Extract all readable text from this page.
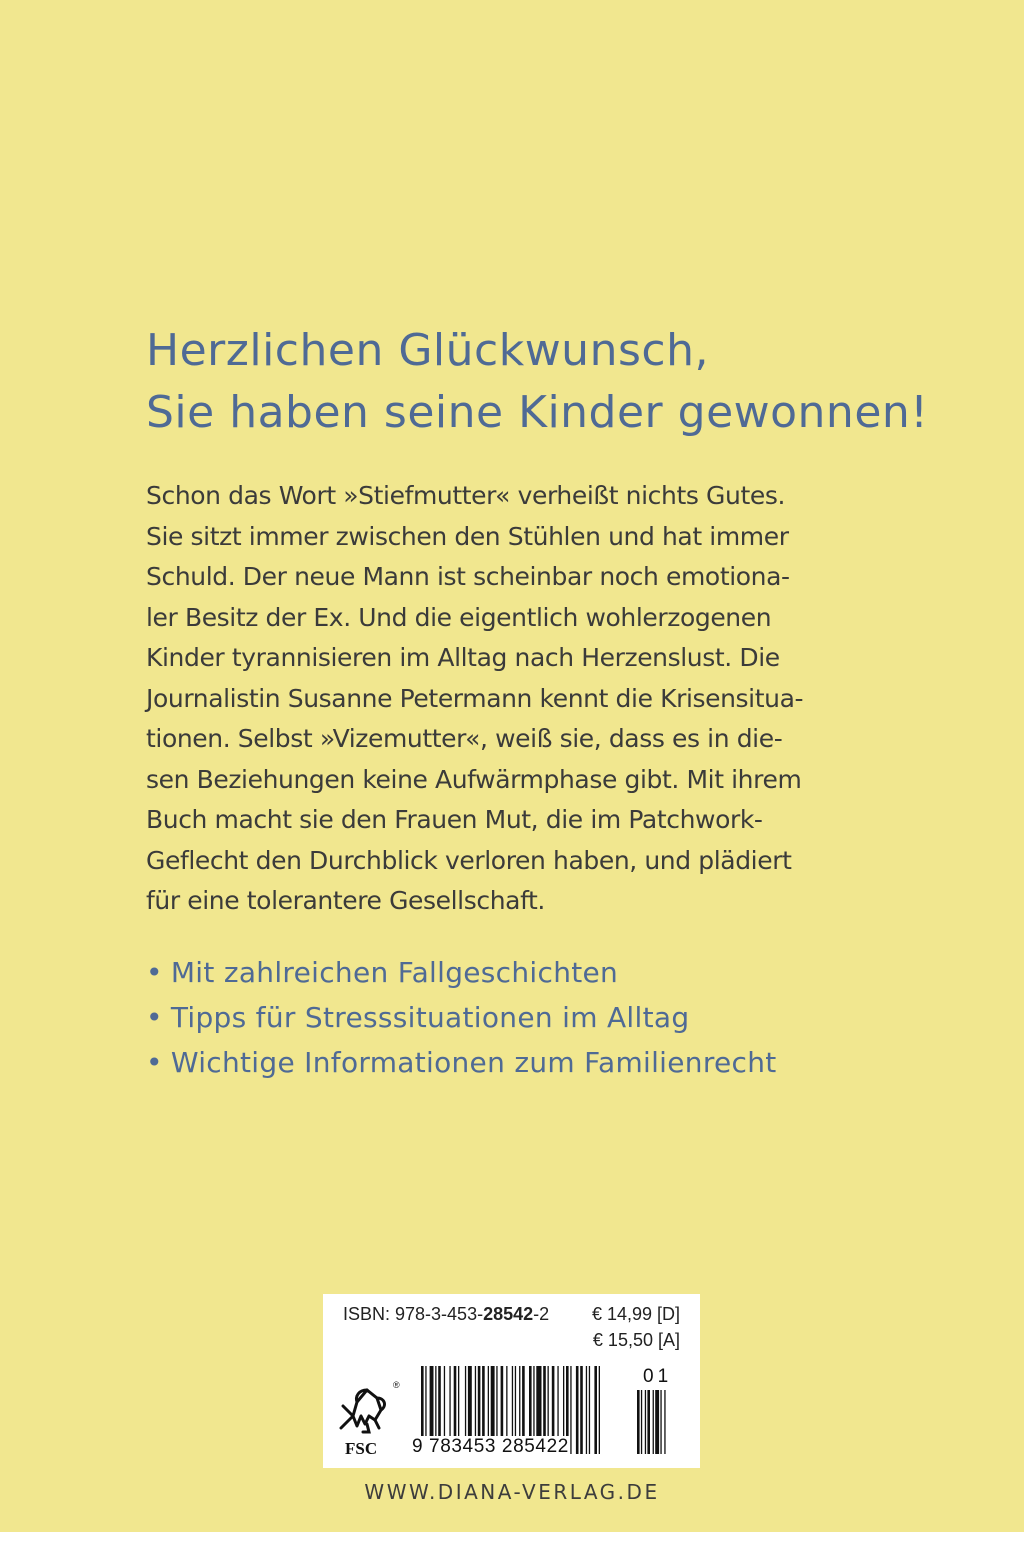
Herzlichen Glückwunsch,
Sie haben seine Kinder gewonnen!

Schon das Wort »Stiefmutter« verheißt nichts Gutes.
Sie sitzt immer zwischen den Stühlen und hat immer
Schuld. Der neue Mann ist scheinbar noch emotiona-
ler Besitz der Ex. Und die eigentlich wohlerzogenen
Kinder tyrannisieren im Alltag nach Herzenslust. Die
Journalistin Susanne Petermann kennt die Krisensitua-
tionen. Selbst »Vizemutter«, weiß sie, dass es in die-
sen Beziehungen keine Aufwärmphase gibt. Mit ihrem
Buch macht sie den Frauen Mut, die im Patchwork-
Geflecht den Durchblick verloren haben, und plädiert
für eine tolerantere Gesellschaft.

• Mit zahlreichen Fallgeschichten
• Tipps für Stresssituationen im Alltag
• Wichtige Informationen zum Familienrecht
ISBN: 978-3-453-28542-2 € 14,99 [D]
€ 15,50 [A]
®
FSC 9 783453 285422
01
WWW.DIANA-VERLAG.DE
